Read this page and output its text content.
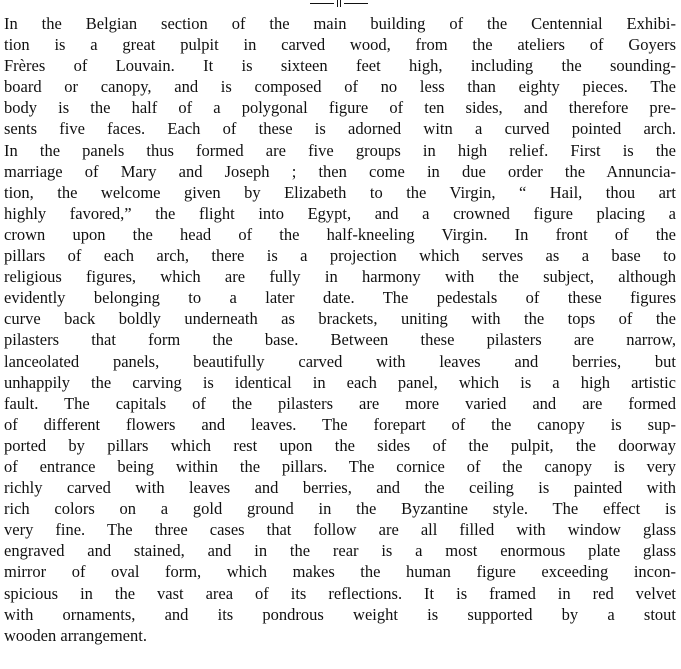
In the Belgian section of the main building of the Centennial Exhibi-
tion is a great pulpit in carved wood, from the ateliers of Goyers
Frères of Louvain. It is sixteen feet high, including the sounding-
board or canopy, and is composed of no less than eighty pieces. The
body is the half of a polygonal figure of ten sides, and therefore pre-
sents five faces. Each of these is adorned witn a curved pointed arch.
In the panels thus formed are five groups in high relief. First is the
marriage of Mary and Joseph ; then come in due order the Annuncia-
tion, the welcome given by Elizabeth to the Virgin, “ Hail, thou art
highly favored,” the flight into Egypt, and a crowned figure placing a
crown upon the head of the half-kneeling Virgin. In front of the
pillars of each arch, there is a projection which serves as a base to
religious figures, which are fully in harmony with the subject, although
evidently belonging to a later date. The pedestals of these figures
curve back boldly underneath as brackets, uniting with the tops of the
pilasters that form the base. Between these pilasters are narrow,
lanceolated panels, beautifully carved with leaves and berries, but
unhappily the carving is identical in each panel, which is a high artistic
fault. The capitals of the pilasters are more varied and are formed
of different flowers and leaves. The forepart of the canopy is sup-
ported by pillars which rest upon the sides of the pulpit, the doorway
of entrance being within the pillars. The cornice of the canopy is very
richly carved with leaves and berries, and the ceiling is painted with
rich colors on a gold ground in the Byzantine style. The effect is
very fine. The three cases that follow are all filled with window glass
engraved and stained, and in the rear is a most enormous plate glass
mirror of oval form, which makes the human figure exceeding incon-
spicious in the vast area of its reflections. It is framed in red velvet
with ornaments, and its pondrous weight is supported by a stout
wooden arrangement.
